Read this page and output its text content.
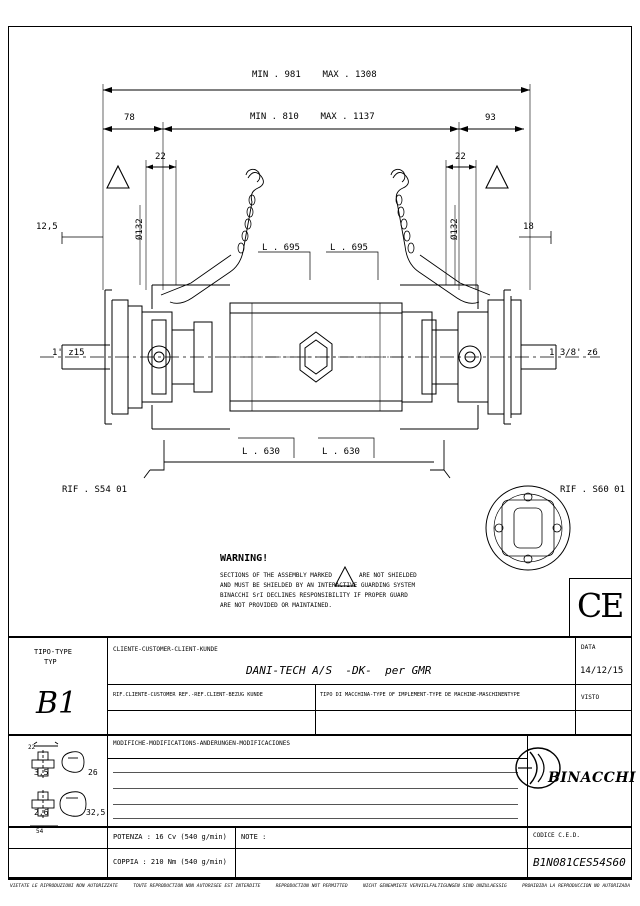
MIN . 981    MAX . 1308
MIN . 810    MAX . 1137
78	93
22	22
12,5	18
Ø132	Ø132
L . 695	L . 695
L . 630	L . 630
1' z15	1 3/8' z6
RIF . S54 01	RIF . S60 01
WARNING!
SECTIONS OF THE ASSEMBLY MARKED	ARE NOT SHIELDED
AND MUST BE SHIELDED BY AN INTERACTIVE GUARDING SYSTEM
BINACCHI SrI DECLINES RESPONSIBILITY IF PROPER GUARD
ARE NOT PROVIDED OR MAINTAINED.	CE
TIPO-TYPE
TYP
B1
CLIENTE-CUSTOMER-CLIENT-KUNDE
DANI-TECH A/S  -DK-  per GMR
DATA
14/12/15
RIF.CLIENTE-CUSTOMER REF.-REF.CLIENT-BEZUG KUNDE	TIPO DI MACCHINA-TYPE OF IMPLEMENT-TYPE DE MACHINE-MASCHINENTYPE	VISTO
MODIFICHE-MODIFICATIONS-ANDERUNGEN-MODIFICACIONES
POTENZA : 16 Cv (540 g/min)
COPPIA : 210 Nm (540 g/min)
NOTE :	CODICE C.E.D.
B1N081CES54S60
BINACCHI
22
3,5	26
2,6	32,5
54
VIETATE LE RIPRODUZIONI NON AUTORIZZATE	TOUTE REPRODUCTION NON AUTORISEE EST INTERDITE	REPRODUCTION NOT PERMITTED	NICHT GENEHMIGTE VERVIELFALTIGUNGEN SIND UNZULAESSIG	PROHIBIDA LA REPRODUCCION NO AUTORIZADA
